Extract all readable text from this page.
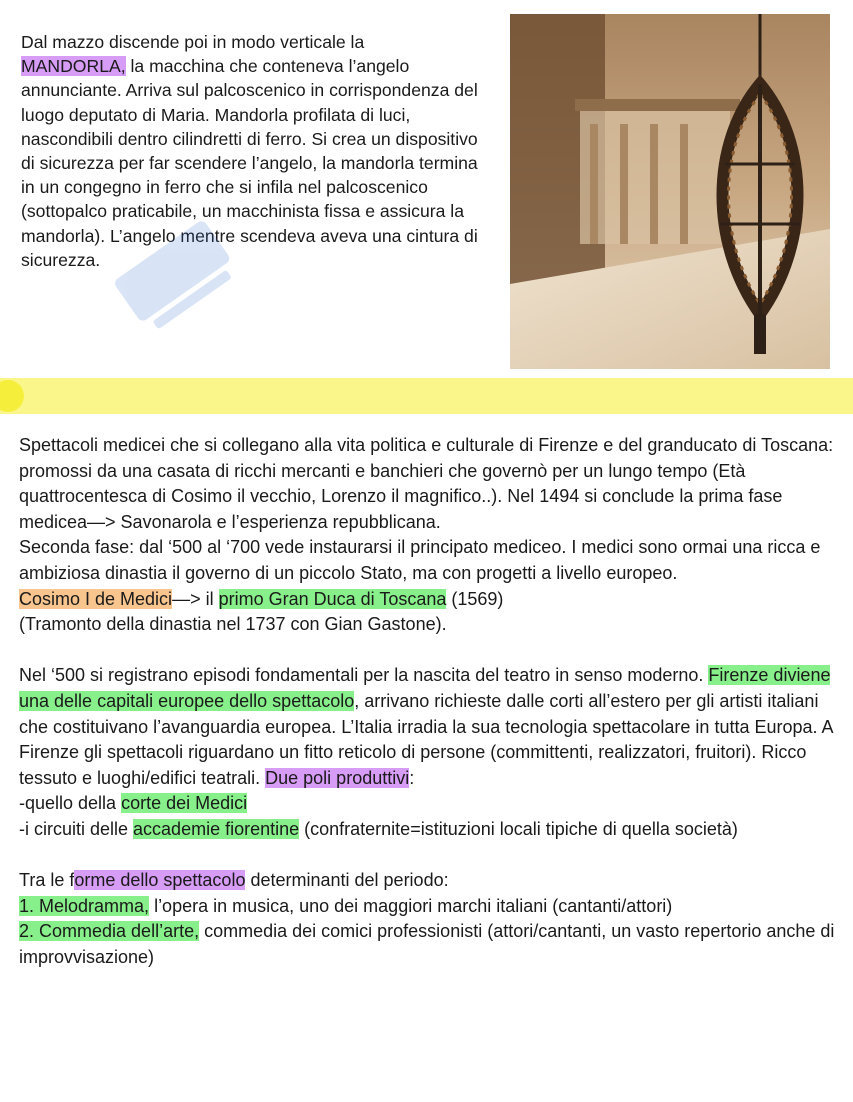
Dal mazzo discende poi in modo verticale la
MANDORLA, la macchina che conteneva l’angelo annunciante. Arriva sul palcoscenico in corrispondenza del luogo deputato di Maria. Mandorla profilata di luci, nascondibili dentro cilindretti di ferro. Si crea un dispositivo di sicurezza per far scendere l’angelo, la mandorla termina in un congegno in ferro che si infila nel palcoscenico (sottopalco praticabile, un macchinista fissa e assicura la mandorla). L’angelo mentre scendeva aveva una cintura di sicurezza.

Spettacoli medicei che si collegano alla vita politica e culturale di Firenze e del granducato di Toscana: promossi da una casata di ricchi mercanti e banchieri che governò per un lungo tempo (Età quattrocentesca di Cosimo il vecchio, Lorenzo il magnifico..). Nel 1494 si conclude la prima fase medicea—> Savonarola e l’esperienza repubblicana.

Seconda fase: dal ‘500 al ‘700 vede instaurarsi il principato mediceo. I medici sono ormai una ricca e ambiziosa dinastia il governo di un piccolo Stato, ma con progetti a livello europeo.

Cosimo I de Medici—> il primo Gran Duca di Toscana (1569)

(Tramonto della dinastia nel 1737 con Gian Gastone).

Nel ‘500 si registrano episodi fondamentali per la nascita del teatro in senso moderno. Firenze diviene una delle capitali europee dello spettacolo, arrivano richieste dalle corti all’estero per gli artisti italiani che costituivano l’avanguardia europea. L’Italia irradia la sua tecnologia spettacolare in tutta Europa. A Firenze gli spettacoli riguardano un fitto reticolo di persone (committenti, realizzatori, fruitori). Ricco tessuto e luoghi/edifici teatrali. Due poli produttivi:

-quello della corte dei Medici

-i circuiti delle accademie fiorentine (confraternite=istituzioni locali tipiche di quella società)

Tra le forme dello spettacolo determinanti del periodo:

1. Melodramma, l’opera in musica, uno dei maggiori marchi italiani (cantanti/attori)

2. Commedia dell’arte, commedia dei comici professionisti (attori/cantanti, un vasto repertorio anche di improvvisazione)
